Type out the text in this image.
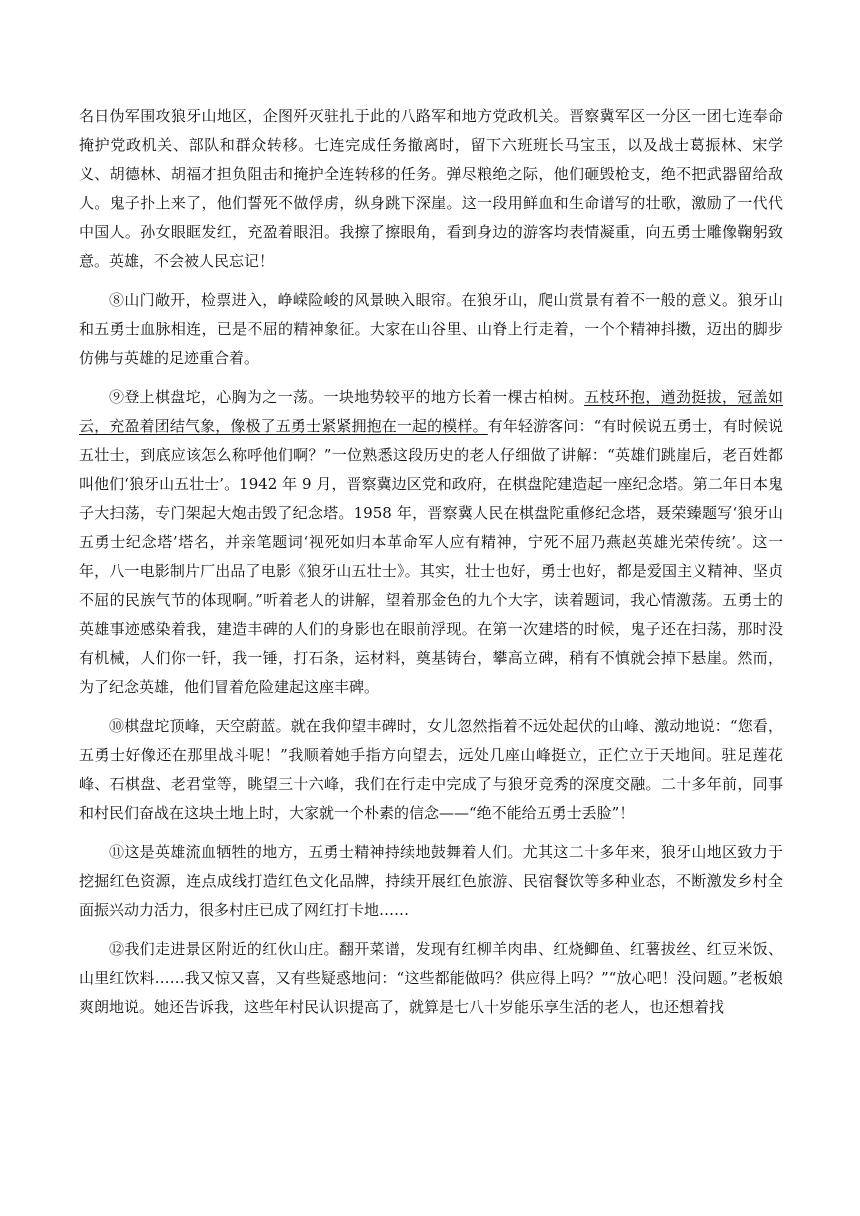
名日伪军围攻狼牙山地区，企图歼灭驻扎于此的八路军和地方党政机关。晋察冀军区一分区一团七连奉命掩护党政机关、部队和群众转移。七连完成任务撤离时，留下六班班长马宝玉，以及战士葛振林、宋学义、胡德林、胡福才担负阻击和掩护全连转移的任务。弹尽粮绝之际，他们砸毁枪支，绝不把武器留给敌人。鬼子扑上来了，他们誓死不做俘虏，纵身跳下深崖。这一段用鲜血和生命谱写的壮歌，激励了一代代中国人。孙女眼眶发红，充盈着眼泪。我擦了擦眼角，看到身边的游客均表情凝重，向五勇士雕像鞠躬致意。英雄，不会被人民忘记！

⑧山门敞开，检票进入，峥嵘险峻的风景映入眼帘。在狼牙山，爬山赏景有着不一般的意义。狼牙山和五勇士血脉相连，已是不屈的精神象征。大家在山谷里、山脊上行走着，一个个精神抖擞，迈出的脚步仿佛与英雄的足迹重合着。

⑨登上棋盘坨，心胸为之一荡。一块地势较平的地方长着一棵古柏树。五枝环抱，遒劲挺拔，冠盖如云，充盈着团结气象，像极了五勇士紧紧拥抱在一起的模样。有年轻游客问：“有时候说五勇士，有时候说五壮士，到底应该怎么称呼他们啊？”一位熟悉这段历史的老人仔细做了讲解：“英雄们跳崖后，老百姓都叫他们‘狼牙山五壮士’。1942 年 9 月，晋察冀边区党和政府，在棋盘陀建造起一座纪念塔。第二年日本鬼子大扫荡，专门架起大炮击毁了纪念塔。1958 年，晋察冀人民在棋盘陀重修纪念塔，聂荣臻题写‘狼牙山五勇士纪念塔’塔名，并亲笔题词‘视死如归本革命军人应有精神，宁死不屈乃燕赵英雄光荣传统’。这一年，八一电影制片厂出品了电影《狼牙山五壮士》。其实，壮士也好，勇士也好，都是爱国主义精神、坚贞不屈的民族气节的体现啊。”听着老人的讲解，望着那金色的九个大字，读着题词，我心情激荡。五勇士的英雄事迹感染着我，建造丰碑的人们的身影也在眼前浮现。在第一次建塔的时候，鬼子还在扫荡，那时没有机械，人们你一钎，我一锤，打石条，运材料，奠基铸台，攀高立碑，稍有不慎就会掉下悬崖。然而，为了纪念英雄，他们冒着危险建起这座丰碑。

⑩棋盘坨顶峰，天空蔚蓝。就在我仰望丰碑时，女儿忽然指着不远处起伏的山峰、激动地说：“您看，五勇士好像还在那里战斗呢！”我顺着她手指方向望去，远处几座山峰挺立，正伫立于天地间。驻足莲花峰、石棋盘、老君堂等，眺望三十六峰，我们在行走中完成了与狼牙竞秀的深度交融。二十多年前，同事和村民们奋战在这块土地上时，大家就一个朴素的信念——“绝不能给五勇士丢脸”！

⑪这是英雄流血牺牲的地方，五勇士精神持续地鼓舞着人们。尤其这二十多年来，狼牙山地区致力于挖掘红色资源，连点成线打造红色文化品牌，持续开展红色旅游、民宿餐饮等多种业态，不断激发乡村全面振兴动力活力，很多村庄已成了网红打卡地……

⑫我们走进景区附近的红伙山庄。翻开菜谱，发现有红柳羊肉串、红烧鲫鱼、红薯拔丝、红豆米饭、山里红饮料……我又惊又喜，又有些疑惑地问：“这些都能做吗？供应得上吗？”“放心吧！没问题。”老板娘爽朗地说。她还告诉我，这些年村民认识提高了，就算是七八十岁能乐享生活的老人，也还想着找
